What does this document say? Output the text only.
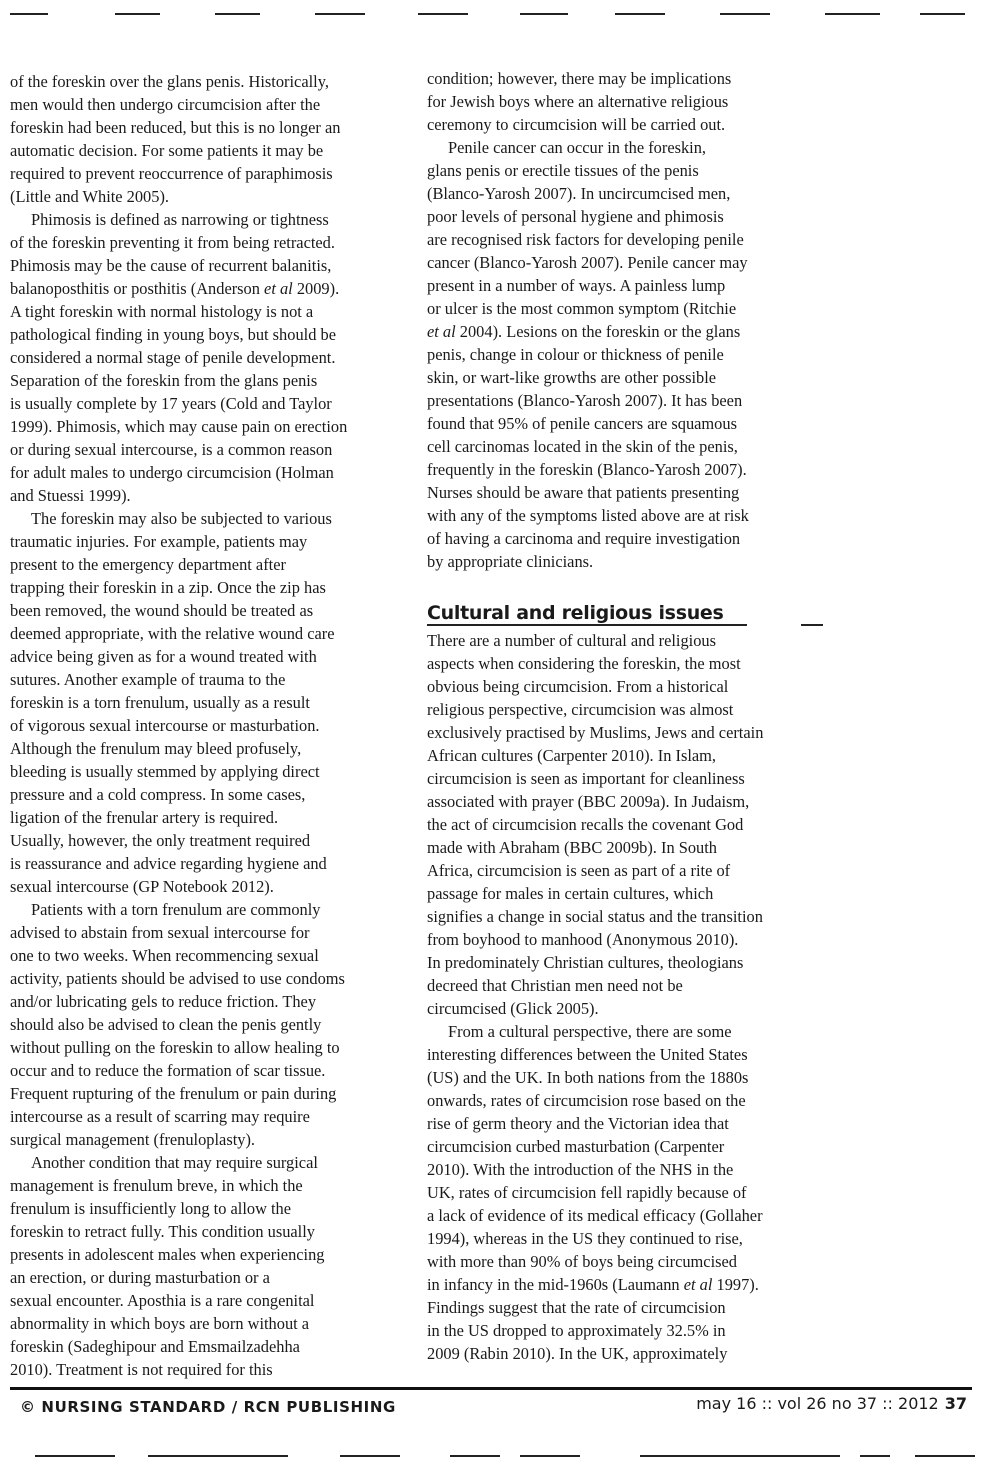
of the foreskin over the glans penis. Historically,
men would then undergo circumcision after the
foreskin had been reduced, but this is no longer an
automatic decision. For some patients it may be
required to prevent reoccurrence of paraphimosis
(Little and White 2005).
Phimosis is defined as narrowing or tightness
of the foreskin preventing it from being retracted.
Phimosis may be the cause of recurrent balanitis,
balanoposthitis or posthitis (Anderson et al 2009).
A tight foreskin with normal histology is not a
pathological finding in young boys, but should be
considered a normal stage of penile development.
Separation of the foreskin from the glans penis
is usually complete by 17 years (Cold and Taylor
1999). Phimosis, which may cause pain on erection
or during sexual intercourse, is a common reason
for adult males to undergo circumcision (Holman
and Stuessi 1999).
The foreskin may also be subjected to various
traumatic injuries. For example, patients may
present to the emergency department after
trapping their foreskin in a zip. Once the zip has
been removed, the wound should be treated as
deemed appropriate, with the relative wound care
advice being given as for a wound treated with
sutures. Another example of trauma to the
foreskin is a torn frenulum, usually as a result
of vigorous sexual intercourse or masturbation.
Although the frenulum may bleed profusely,
bleeding is usually stemmed by applying direct
pressure and a cold compress. In some cases,
ligation of the frenular artery is required.
Usually, however, the only treatment required
is reassurance and advice regarding hygiene and
sexual intercourse (GP Notebook 2012).
Patients with a torn frenulum are commonly
advised to abstain from sexual intercourse for
one to two weeks. When recommencing sexual
activity, patients should be advised to use condoms
and/or lubricating gels to reduce friction. They
should also be advised to clean the penis gently
without pulling on the foreskin to allow healing to
occur and to reduce the formation of scar tissue.
Frequent rupturing of the frenulum or pain during
intercourse as a result of scarring may require
surgical management (frenuloplasty).
Another condition that may require surgical
management is frenulum breve, in which the
frenulum is insufficiently long to allow the
foreskin to retract fully. This condition usually
presents in adolescent males when experiencing
an erection, or during masturbation or a
sexual encounter. Aposthia is a rare congenital
abnormality in which boys are born without a
foreskin (Sadeghipour and Emsmailzadehha
2010). Treatment is not required for this
condition; however, there may be implications
for Jewish boys where an alternative religious
ceremony to circumcision will be carried out.
Penile cancer can occur in the foreskin,
glans penis or erectile tissues of the penis
(Blanco-Yarosh 2007). In uncircumcised men,
poor levels of personal hygiene and phimosis
are recognised risk factors for developing penile
cancer (Blanco-Yarosh 2007). Penile cancer may
present in a number of ways. A painless lump
or ulcer is the most common symptom (Ritchie
et al 2004). Lesions on the foreskin or the glans
penis, change in colour or thickness of penile
skin, or wart-like growths are other possible
presentations (Blanco-Yarosh 2007). It has been
found that 95% of penile cancers are squamous
cell carcinomas located in the skin of the penis,
frequently in the foreskin (Blanco-Yarosh 2007).
Nurses should be aware that patients presenting
with any of the symptoms listed above are at risk
of having a carcinoma and require investigation
by appropriate clinicians.
Cultural and religious issues
There are a number of cultural and religious
aspects when considering the foreskin, the most
obvious being circumcision. From a historical
religious perspective, circumcision was almost
exclusively practised by Muslims, Jews and certain
African cultures (Carpenter 2010). In Islam,
circumcision is seen as important for cleanliness
associated with prayer (BBC 2009a). In Judaism,
the act of circumcision recalls the covenant God
made with Abraham (BBC 2009b). In South
Africa, circumcision is seen as part of a rite of
passage for males in certain cultures, which
signifies a change in social status and the transition
from boyhood to manhood (Anonymous 2010).
In predominately Christian cultures, theologians
decreed that Christian men need not be
circumcised (Glick 2005).
From a cultural perspective, there are some
interesting differences between the United States
(US) and the UK. In both nations from the 1880s
onwards, rates of circumcision rose based on the
rise of germ theory and the Victorian idea that
circumcision curbed masturbation (Carpenter
2010). With the introduction of the NHS in the
UK, rates of circumcision fell rapidly because of
a lack of evidence of its medical efficacy (Gollaher
1994), whereas in the US they continued to rise,
with more than 90% of boys being circumcised
in infancy in the mid-1960s (Laumann et al 1997).
Findings suggest that the rate of circumcision
in the US dropped to approximately 32.5% in
2009 (Rabin 2010). In the UK, approximately
© NURSING STANDARD / RCN PUBLISHING	may 16 :: vol 26 no 37 :: 2012 37
